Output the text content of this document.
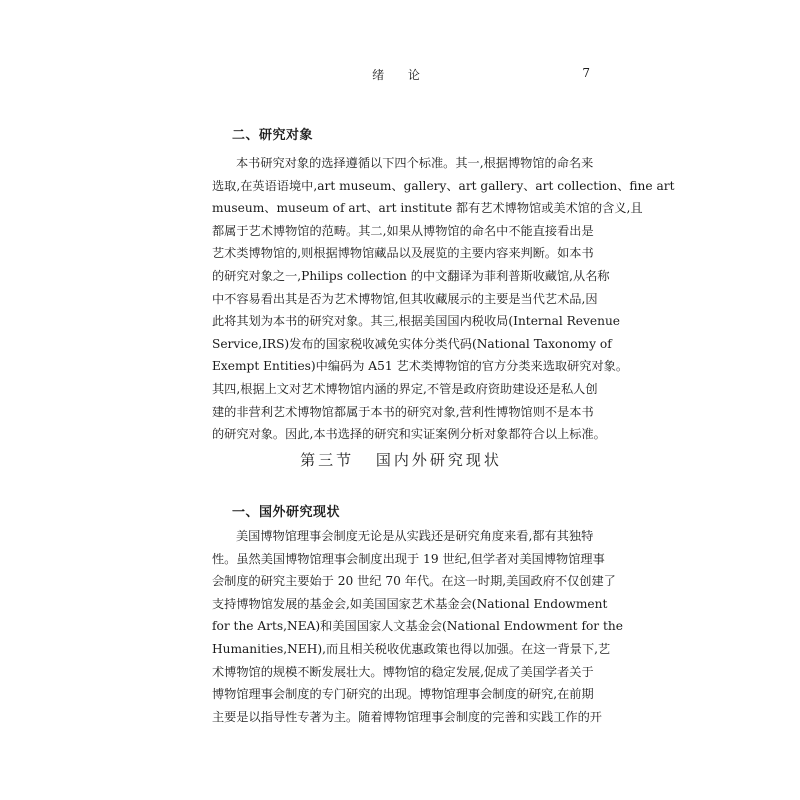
绪 论	7
二、研究对象
本书研究对象的选择遵循以下四个标准。其一,根据博物馆的命名来
选取,在英语语境中,art museum、gallery、art gallery、art collection、fine art
museum、museum of art、art institute 都有艺术博物馆或美术馆的含义,且
都属于艺术博物馆的范畴。其二,如果从博物馆的命名中不能直接看出是
艺术类博物馆的,则根据博物馆藏品以及展览的主要内容来判断。如本书
的研究对象之一,Philips collection 的中文翻译为菲利普斯收藏馆,从名称
中不容易看出其是否为艺术博物馆,但其收藏展示的主要是当代艺术品,因
此将其划为本书的研究对象。其三,根据美国国内税收局(Internal Revenue
Service,IRS)发布的国家税收减免实体分类代码(National Taxonomy of
Exempt Entities)中编码为 A51 艺术类博物馆的官方分类来选取研究对象。
其四,根据上文对艺术博物馆内涵的界定,不管是政府资助建设还是私人创
建的非营利艺术博物馆都属于本书的研究对象,营利性博物馆则不是本书
的研究对象。因此,本书选择的研究和实证案例分析对象都符合以上标准。
第三节 国内外研究现状
一、国外研究现状
美国博物馆理事会制度无论是从实践还是研究角度来看,都有其独特
性。虽然美国博物馆理事会制度出现于 19 世纪,但学者对美国博物馆理事
会制度的研究主要始于 20 世纪 70 年代。在这一时期,美国政府不仅创建了
支持博物馆发展的基金会,如美国国家艺术基金会(National Endowment
for the Arts,NEA)和美国国家人文基金会(National Endowment for the
Humanities,NEH),而且相关税收优惠政策也得以加强。在这一背景下,艺
术博物馆的规模不断发展壮大。博物馆的稳定发展,促成了美国学者关于
博物馆理事会制度的专门研究的出现。博物馆理事会制度的研究,在前期
主要是以指导性专著为主。随着博物馆理事会制度的完善和实践工作的开
